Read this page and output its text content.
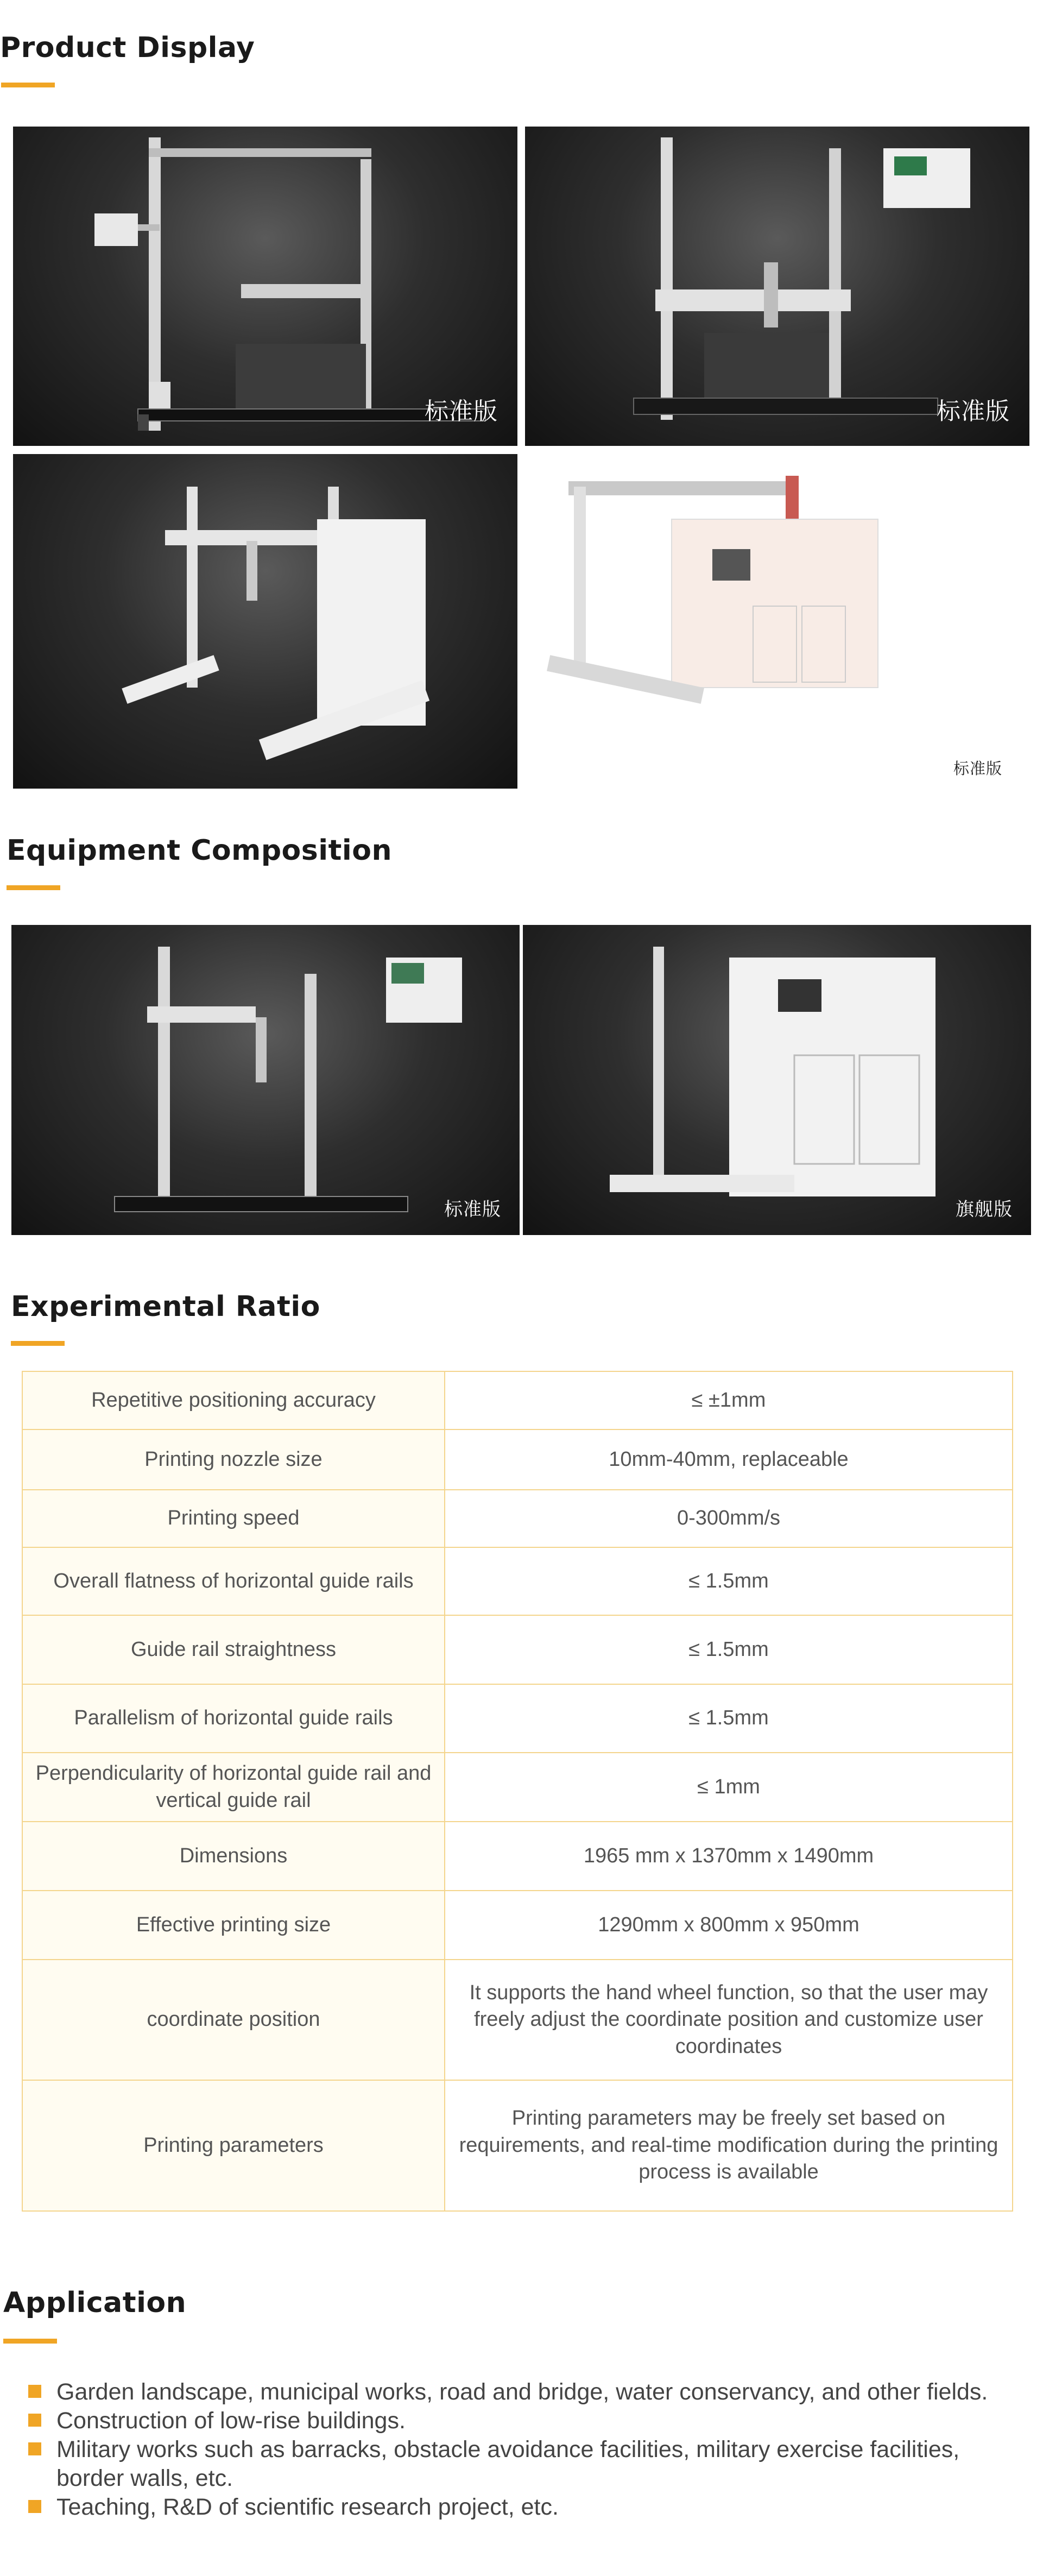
Product Display
标准版	标准版
标准版
Equipment Composition
标准版	旗舰版
Experimental Ratio
Repetitive positioning accuracy	≤ ±1mm
Printing nozzle size	10mm-40mm, replaceable
Printing speed	0-300mm/s
Overall flatness of horizontal guide rails	≤ 1.5mm
Guide rail straightness	≤ 1.5mm
Parallelism of horizontal guide rails	≤ 1.5mm
Perpendicularity of horizontal guide rail and vertical guide rail	≤ 1mm
Dimensions	1965 mm x 1370mm x 1490mm
Effective printing size	1290mm x 800mm x 950mm
coordinate position	It supports the hand wheel function, so that the user may freely adjust the coordinate position and customize user coordinates
Printing parameters	Printing parameters may be freely set based on requirements, and real-time modification during the printing process is available
Application
Garden landscape, municipal works, road and bridge, water conservancy, and other fields.
Construction of low-rise buildings.
Military works such as barracks, obstacle avoidance facilities, military exercise facilities, border walls, etc.
Teaching, R&D of scientific research project, etc.
